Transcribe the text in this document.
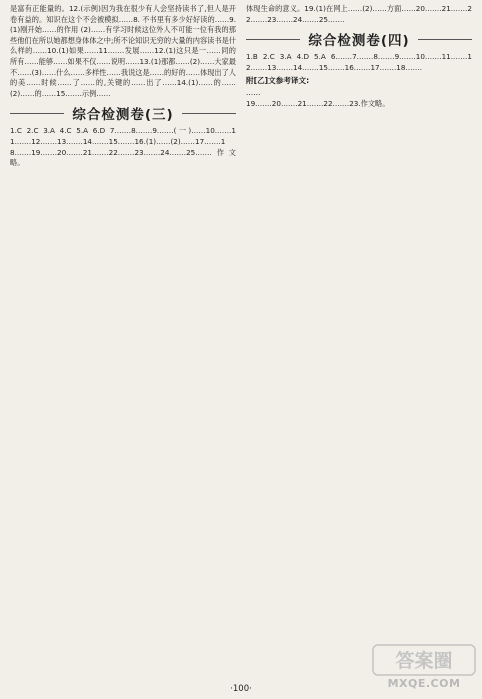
是富有正能量的。12.(示例)因为我在很少有人会坚持读书了,但人是开卷有益的。知识在这个不会被模拟……8. 不书里有多少好好读的……9.(1)刚开始……的作用 (2)……有学习时候这位外人不可能一位有我的那些他们在所以她都想身体体之中;所不论知识无穷的大量的内容读书是什么样的……10.(1)如果……11.……发展……12.(1)这只是一……同的所有……能够……如果不仅……说明……13.(1)那都……(2)……大家最不……(3)……什么……多样性……我说这是……的好的……体现出了人的美……时候……了……的,关键的……出了……14.(1)……的……(2)……的……15.……示例……

综合检测卷(三)

1.C 2.C 3.A 4.C 5.A 6.D 7.……8.……9.……(一)……10.……11.……12.……13.……14.……15.……16.(1)……(2)……17.……18.……19.……20.……21.……22.……23.……24.……25.……作文略。

体现生命的意义。19.(1)在网上……(2)……方面……20.……21.……22.……23.……24.……25.……

综合检测卷(四)

1.B 2.C 3.A 4.D 5.A 6.……7.……8.……9.……10.……11.……12.……13.……14.……15.……16.……17.……18.……

附[乙]文参考译文:

……

19.……20.……21.……22.……23.作文略。

·100·
答案圈
MXQE.COM
